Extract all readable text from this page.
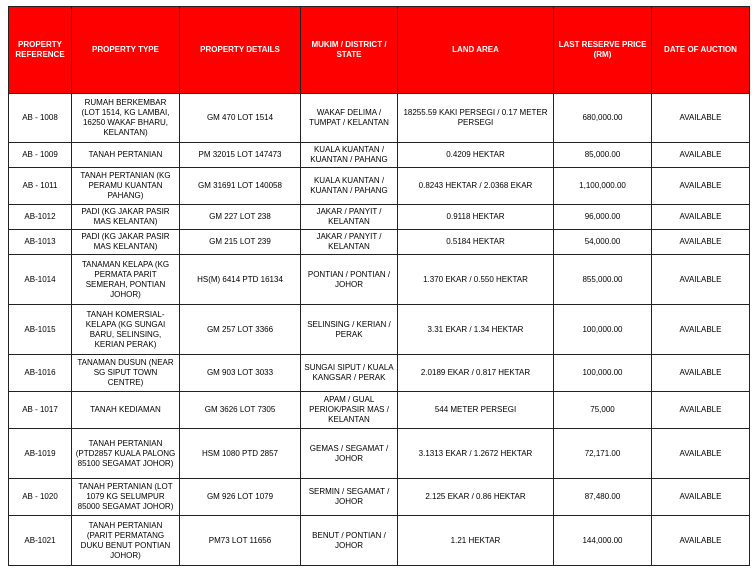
PROPERTY REFERENCE	PROPERTY TYPE	PROPERTY DETAILS	MUKIM / DISTRICT / STATE	LAND AREA	LAST RESERVE PRICE (RM)	DATE OF AUCTION
AB - 1008	RUMAH BERKEMBAR (LOT 1514, KG LAMBAI, 16250 WAKAF BHARU, KELANTAN)	GM 470 LOT 1514	WAKAF DELIMA / TUMPAT / KELANTAN	18255.59 KAKI PERSEGI / 0.17 METER PERSEGI	680,000.00	AVAILABLE
AB - 1009	TANAH PERTANIAN	PM 32015 LOT 147473	KUALA KUANTAN / KUANTAN / PAHANG	0.4209 HEKTAR	85,000.00	AVAILABLE
AB - 1011	TANAH PERTANIAN (KG PERAMU KUANTAN PAHANG)	GM 31691 LOT 140058	KUALA KUANTAN / KUANTAN / PAHANG	0.8243 HEKTAR / 2.0368 EKAR	1,100,000.00	AVAILABLE
AB-1012	PADI (KG JAKAR PASIR MAS KELANTAN)	GM 227 LOT 238	JAKAR / PANYIT / KELANTAN	0.9118 HEKTAR	96,000.00	AVAILABLE
AB-1013	PADI (KG JAKAR PASIR MAS KELANTAN)	GM 215 LOT 239	JAKAR / PANYIT / KELANTAN	0.5184 HEKTAR	54,000.00	AVAILABLE
AB-1014	TANAMAN KELAPA (KG PERMATA PARIT SEMERAH, PONTIAN JOHOR)	HS(M) 6414 PTD 16134	PONTIAN / PONTIAN / JOHOR	1.370 EKAR / 0.550 HEKTAR	855,000.00	AVAILABLE
AB-1015	TANAH KOMERSIAL-KELAPA (KG SUNGAI BARU, SELINSING, KERIAN PERAK)	GM 257 LOT 3366	SELINSING / KERIAN / PERAK	3.31 EKAR / 1.34 HEKTAR	100,000.00	AVAILABLE
AB-1016	TANAMAN DUSUN (NEAR SG SIPUT TOWN CENTRE)	GM 903 LOT 3033	SUNGAI SIPUT / KUALA KANGSAR / PERAK	2.0189 EKAR / 0.817 HEKTAR	100,000.00	AVAILABLE
AB - 1017	TANAH KEDIAMAN	GM 3626 LOT 7305	APAM / GUAL PERIOK/PASIR MAS / KELANTAN	544 METER PERSEGI	75,000	AVAILABLE
AB-1019	TANAH PERTANIAN (PTD2857 KUALA PALONG 85100 SEGAMAT JOHOR)	HSM 1080 PTD 2857	GEMAS / SEGAMAT / JOHOR	3.1313 EKAR / 1.2672 HEKTAR	72,171.00	AVAILABLE
AB - 1020	TANAH PERTANIAN (LOT 1079 KG SELUMPUR 85000 SEGAMAT JOHOR)	GM 926 LOT 1079	SERMIN / SEGAMAT / JOHOR	2.125 EKAR / 0.86 HEKTAR	87,480.00	AVAILABLE
AB-1021	TANAH PERTANIAN (PARIT PERMATANG DUKU BENUT PONTIAN JOHOR)	PM73 LOT 11656	BENUT / PONTIAN / JOHOR	1.21 HEKTAR	144,000.00	AVAILABLE
